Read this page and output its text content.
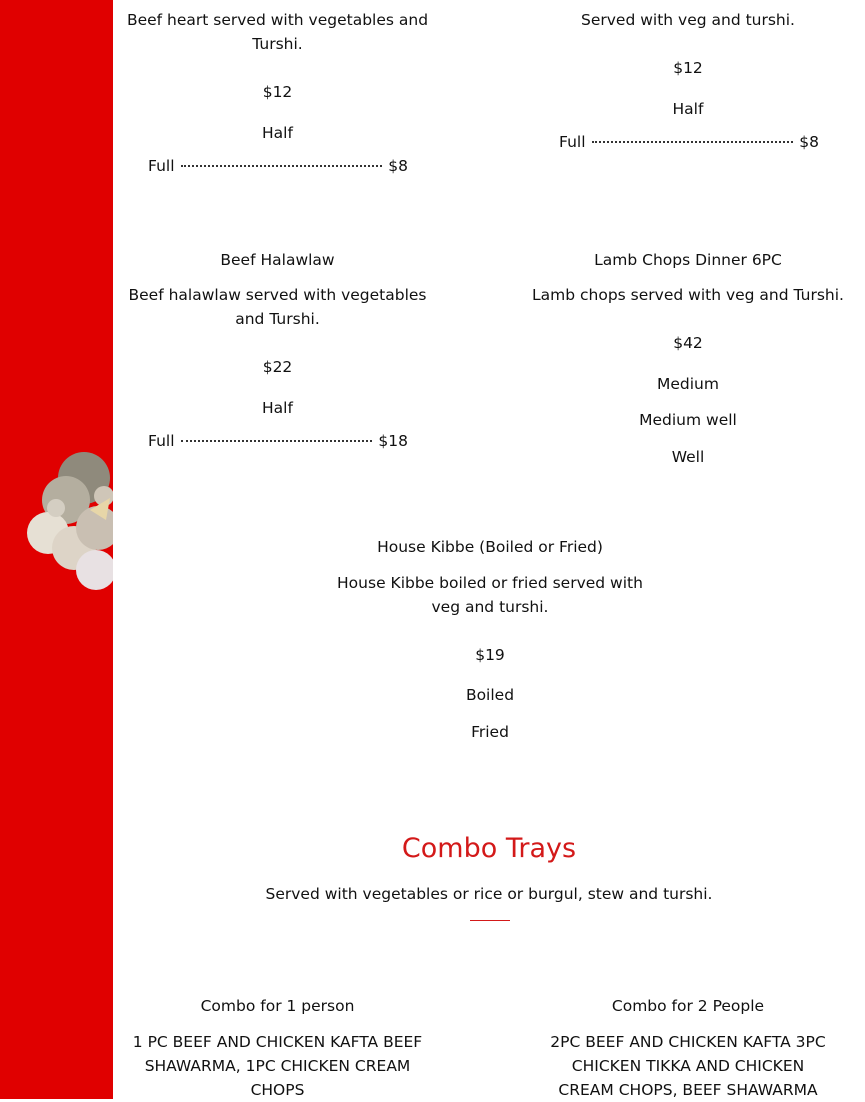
Beef heart served with vegetables and Turshi.
$12
Half
Full	$8
Served with veg and turshi.
$12
Half
Full	$8
Beef Halawlaw
Beef halawlaw served with vegetables and Turshi.
$22
Half
Full	$18
Lamb Chops Dinner 6PC
Lamb chops served with veg and Turshi.
$42
Medium
Medium well
Well
House Kibbe (Boiled or Fried)
House Kibbe boiled or fried served with veg and turshi.
$19
Boiled
Fried
Combo Trays
Served with vegetables or rice or burgul, stew and turshi.
Combo for 1 person
1 PC BEEF AND CHICKEN KAFTA BEEF SHAWARMA, 1PC CHICKEN CREAM CHOPS
Combo for 2 People
2PC BEEF AND CHICKEN KAFTA 3PC CHICKEN TIKKA AND CHICKEN CREAM CHOPS, BEEF SHAWARMA
